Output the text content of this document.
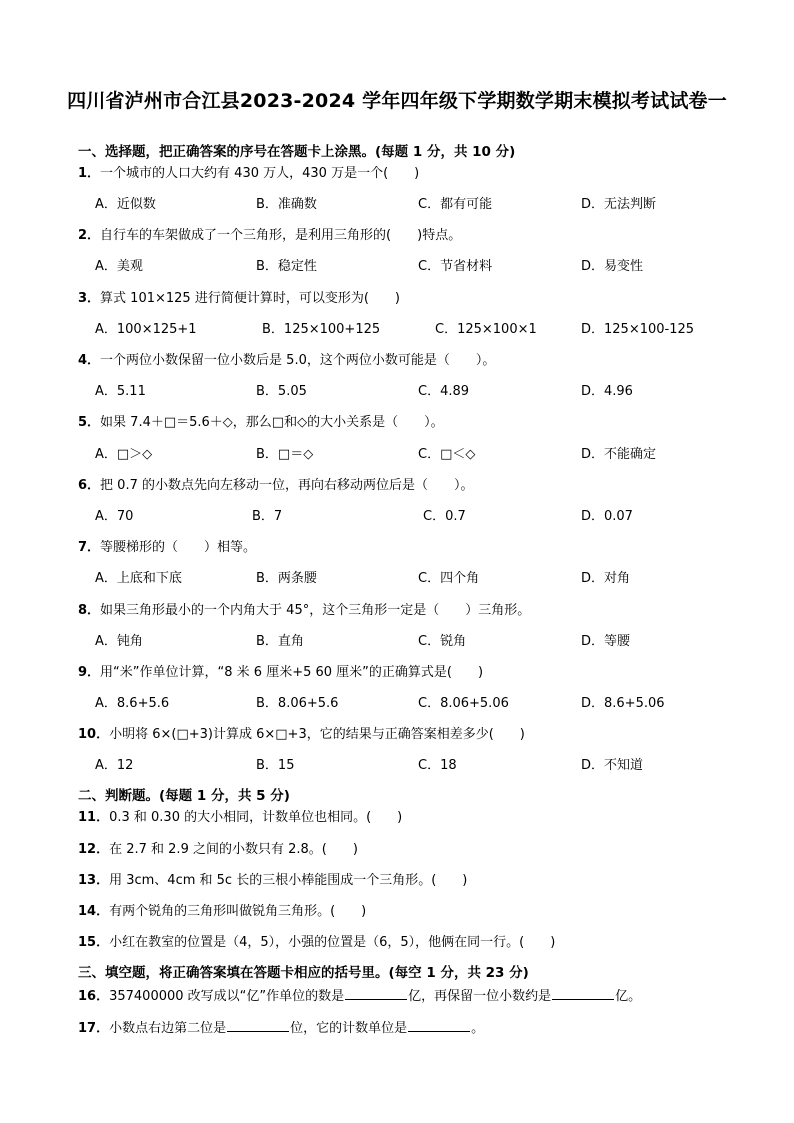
四川省泸州市合江县2023-2024 学年四年级下学期数学期末模拟考试试卷一
一、选择题，把正确答案的序号在答题卡上涂黑。(每题 1 分，共 10 分)
1．一个城市的人口大约有 430 万人，430 万是一个(　　)
A．近似数	B．准确数	C．都有可能	D．无法判断
2．自行车的车架做成了一个三角形，是利用三角形的(　　)特点。
A．美观	B．稳定性	C．节省材料	D．易变性
3．算式 101×125 进行简便计算时，可以变形为(　　)
A．100×125+1	B．125×100+125	C．125×100×1	D．125×100-125
4．一个两位小数保留一位小数后是 5.0，这个两位小数可能是（　　）。
A．5.11	B．5.05	C．4.89	D．4.96
5．如果 7.4＋□＝5.6＋◇，那么□和◇的大小关系是（　　）。
A．□＞◇	B．□＝◇	C．□＜◇	D．不能确定
6．把 0.7 的小数点先向左移动一位，再向右移动两位后是（　　）。
A．70	B．7	C．0.7	D．0.07
7．等腰梯形的（　　）相等。
A．上底和下底	B．两条腰	C．四个角	D．对角
8．如果三角形最小的一个内角大于 45°，这个三角形一定是（　　）三角形。
A．钝角	B．直角	C．锐角	D．等腰
9．用“米”作单位计算，“8 米 6 厘米+5 60 厘米”的正确算式是(　　)
A．8.6+5.6	B．8.06+5.6	C．8.06+5.06	D．8.6+5.06
10．小明将 6×(□+3)计算成 6×□+3，它的结果与正确答案相差多少(　　)
A．12	B．15	C．18	D．不知道
二、判断题。(每题 1 分，共 5 分)
11．0.3 和 0.30 的大小相同，计数单位也相同。(　　)
12．在 2.7 和 2.9 之间的小数只有 2.8。(　　)
13．用 3cm、4cm 和 5c 长的三根小棒能围成一个三角形。(　　)
14．有两个锐角的三角形叫做锐角三角形。(　　)
15．小红在教室的位置是（4，5），小强的位置是（6，5），他俩在同一行。(　　)
三、填空题，将正确答案填在答题卡相应的括号里。(每空 1 分，共 23 分)
16．357400000 改写成以“亿”作单位的数是	亿，再保留一位小数约是	亿。
17．小数点右边第二位是	位，它的计数单位是	。
